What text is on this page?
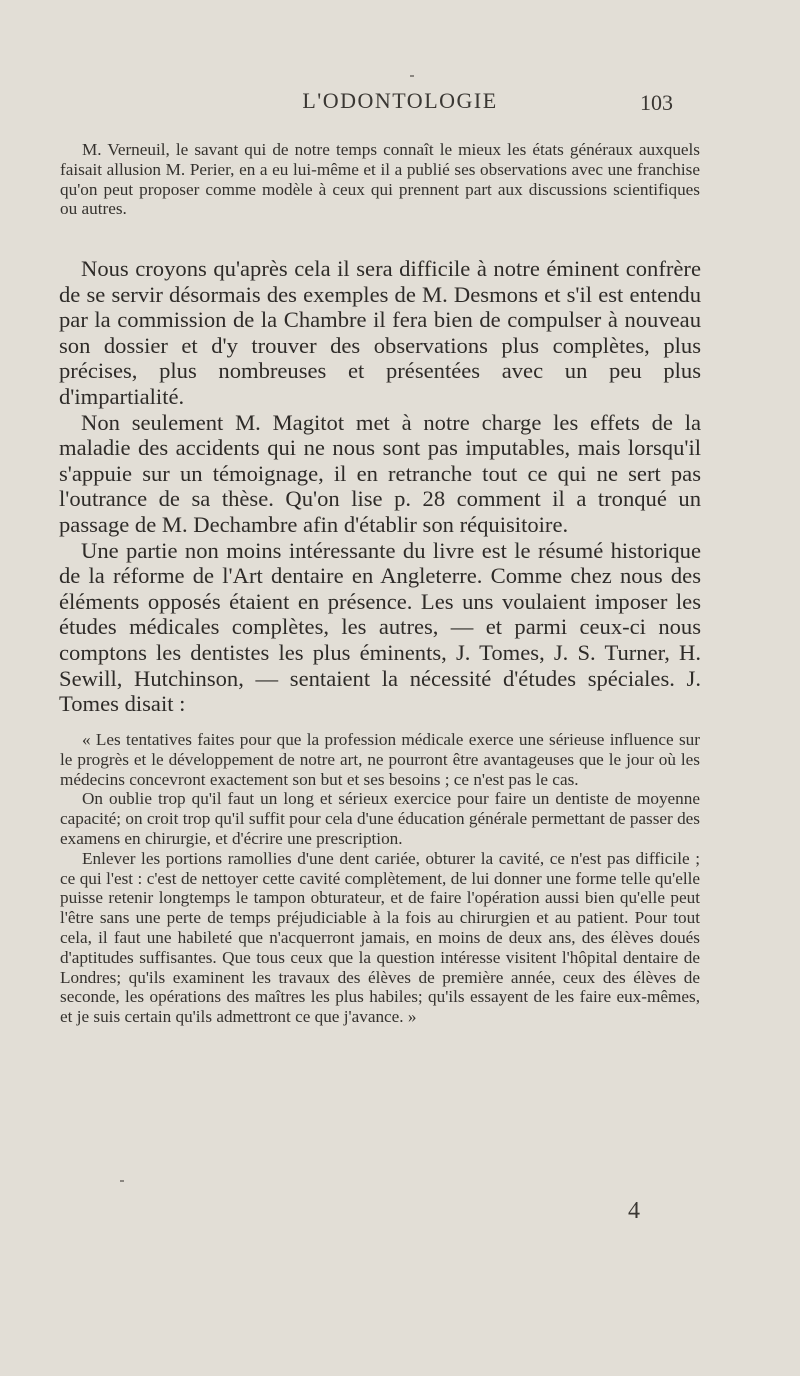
L'ODONTOLOGIE	103

M. Verneuil, le savant qui de notre temps connaît le mieux les états généraux auxquels faisait allusion M. Perier, en a eu lui-même et il a publié ses observations avec une franchise qu'on peut proposer comme modèle à ceux qui prennent part aux discussions scientifiques ou autres.

Nous croyons qu'après cela il sera difficile à notre éminent confrère de se servir désormais des exemples de M. Desmons et s'il est entendu par la commission de la Chambre il fera bien de compulser à nouveau son dossier et d'y trouver des observations plus complètes, plus précises, plus nombreuses et présentées avec un peu plus d'impartialité.

Non seulement M. Magitot met à notre charge les effets de la maladie des accidents qui ne nous sont pas imputables, mais lorsqu'il s'appuie sur un témoignage, il en retranche tout ce qui ne sert pas l'outrance de sa thèse. Qu'on lise p. 28 comment il a tronqué un passage de M. Dechambre afin d'établir son réquisitoire.

Une partie non moins intéressante du livre est le résumé historique de la réforme de l'Art dentaire en Angleterre. Comme chez nous des éléments opposés étaient en présence. Les uns voulaient imposer les études médicales complètes, les autres, — et parmi ceux-ci nous comptons les dentistes les plus éminents, J. Tomes, J. S. Turner, H. Sewill, Hutchinson, — sentaient la nécessité d'études spéciales. J. Tomes disait :

« Les tentatives faites pour que la profession médicale exerce une sérieuse influence sur le progrès et le développement de notre art, ne pourront être avantageuses que le jour où les médecins concevront exactement son but et ses besoins ; ce n'est pas le cas.

On oublie trop qu'il faut un long et sérieux exercice pour faire un dentiste de moyenne capacité; on croit trop qu'il suffit pour cela d'une éducation générale permettant de passer des examens en chirurgie, et d'écrire une prescription.

Enlever les portions ramollies d'une dent cariée, obturer la cavité, ce n'est pas difficile ; ce qui l'est : c'est de nettoyer cette cavité complètement, de lui donner une forme telle qu'elle puisse retenir longtemps le tampon obturateur, et de faire l'opération aussi bien qu'elle peut l'être sans une perte de temps préjudiciable à la fois au chirurgien et au patient. Pour tout cela, il faut une habileté que n'acquerront jamais, en moins de deux ans, des élèves doués d'aptitudes suffisantes. Que tous ceux que la question intéresse visitent l'hôpital dentaire de Londres; qu'ils examinent les travaux des élèves de première année, ceux des élèves de seconde, les opérations des maîtres les plus habiles; qu'ils essayent de les faire eux-mêmes, et je suis certain qu'ils admettront ce que j'avance. »

4
